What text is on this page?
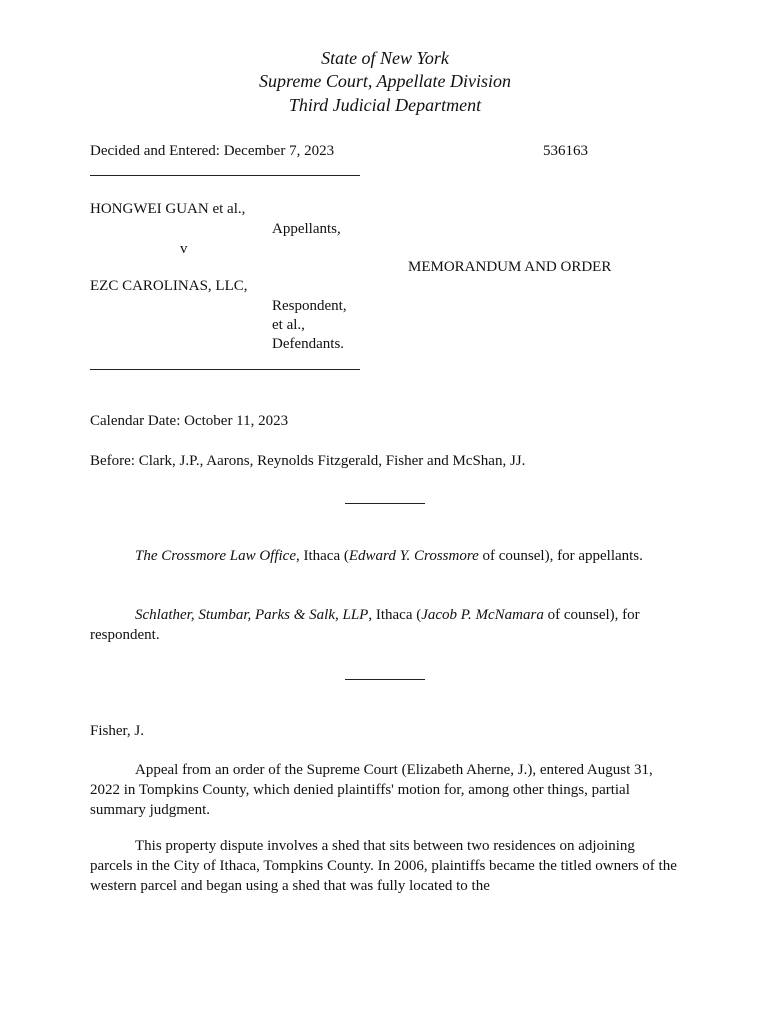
State of New York
Supreme Court, Appellate Division
Third Judicial Department
Decided and Entered: December 7, 2023	536163
HONGWEI GUAN et al.,
Appellants,
v
MEMORANDUM AND ORDER
EZC CAROLINAS, LLC,
Respondent,
et al.,
Defendants.
Calendar Date: October 11, 2023
Before: Clark, J.P., Aarons, Reynolds Fitzgerald, Fisher and McShan, JJ.
The Crossmore Law Office, Ithaca (Edward Y. Crossmore of counsel), for appellants.
Schlather, Stumbar, Parks & Salk, LLP, Ithaca (Jacob P. McNamara of counsel), for respondent.
Fisher, J.
Appeal from an order of the Supreme Court (Elizabeth Aherne, J.), entered August 31, 2022 in Tompkins County, which denied plaintiffs' motion for, among other things, partial summary judgment.
This property dispute involves a shed that sits between two residences on adjoining parcels in the City of Ithaca, Tompkins County. In 2006, plaintiffs became the titled owners of the western parcel and began using a shed that was fully located to the
